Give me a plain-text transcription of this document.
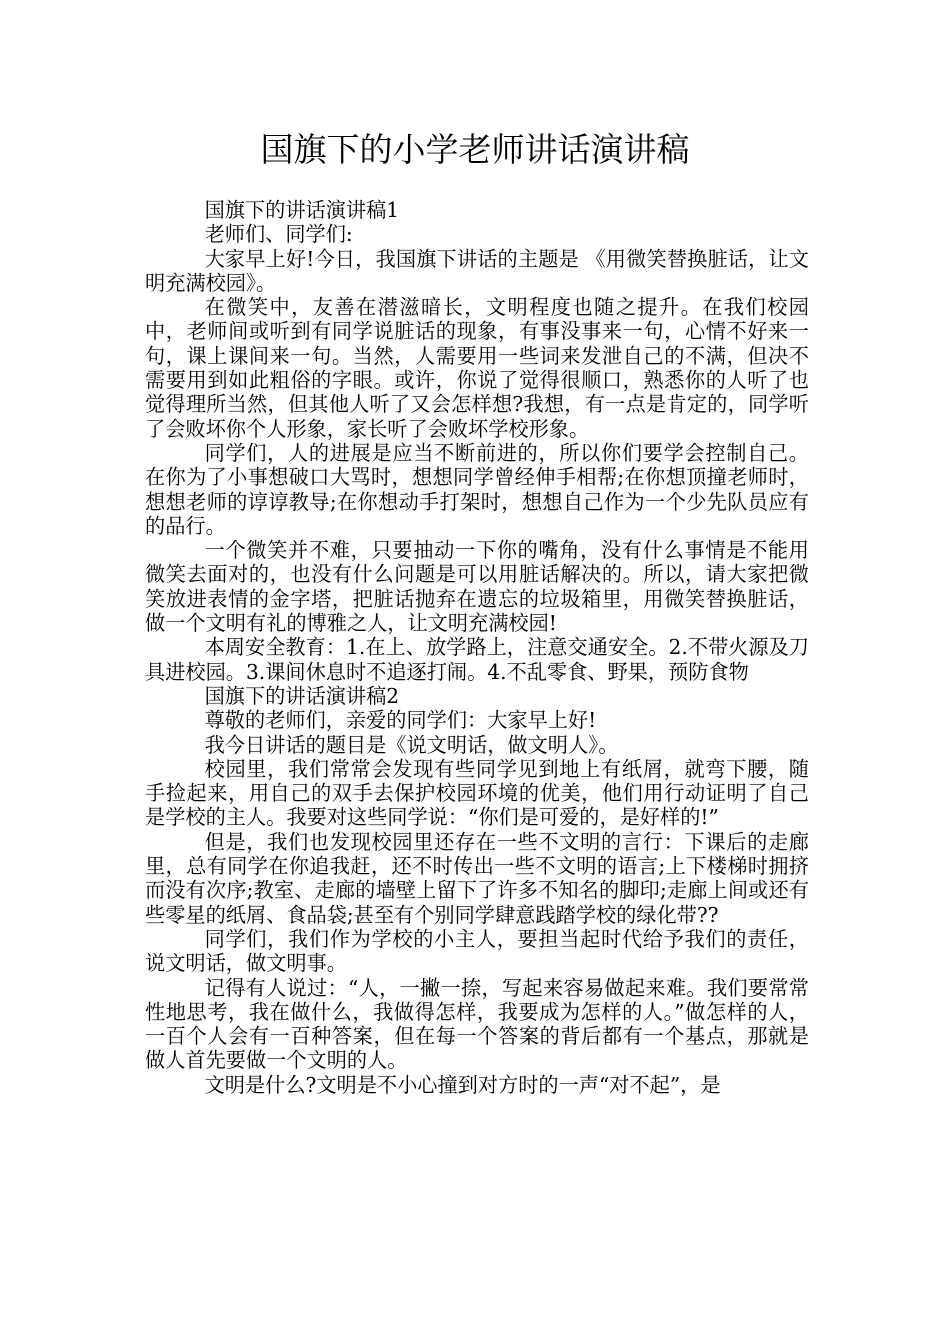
国旗下的小学老师讲话演讲稿

国旗下的讲话演讲稿1

老师们、同学们:

大家早上好!今日，我国旗下讲话的主题是 《用微笑替换脏话，让文明充满校园》。

在微笑中，友善在潜滋暗长，文明程度也随之提升。在我们校园中，老师间或听到有同学说脏话的现象，有事没事来一句，心情不好来一句，课上课间来一句。当然，人需要用一些词来发泄自己的不满，但决不需要用到如此粗俗的字眼。或许，你说了觉得很顺口，熟悉你的人听了也觉得理所当然，但其他人听了又会怎样想?我想，有一点是肯定的，同学听了会败坏你个人形象，家长听了会败坏学校形象。

同学们，人的进展是应当不断前进的，所以你们要学会控制自己。在你为了小事想破口大骂时，想想同学曾经伸手相帮;在你想顶撞老师时，想想老师的谆谆教导;在你想动手打架时，想想自己作为一个少先队员应有的品行。

一个微笑并不难，只要抽动一下你的嘴角，没有什么事情是不能用微笑去面对的，也没有什么问题是可以用脏话解决的。所以，请大家把微笑放进表情的金字塔，把脏话抛弃在遗忘的垃圾箱里，用微笑替换脏话，做一个文明有礼的博雅之人，让文明充满校园!

本周安全教育：1.在上、放学路上，注意交通安全。2.不带火源及刀具进校园。3.课间休息时不追逐打闹。4.不乱零食、野果，预防食物

国旗下的讲话演讲稿2

尊敬的老师们，亲爱的同学们：大家早上好!

我今日讲话的题目是《说文明话，做文明人》。

校园里，我们常常会发现有些同学见到地上有纸屑，就弯下腰，随手捡起来，用自己的双手去保护校园环境的优美，他们用行动证明了自己是学校的主人。我要对这些同学说：“你们是可爱的，是好样的!”

但是，我们也发现校园里还存在一些不文明的言行：下课后的走廊里，总有同学在你追我赶，还不时传出一些不文明的语言;上下楼梯时拥挤而没有次序;教室、走廊的墙壁上留下了许多不知名的脚印;走廊上间或还有些零星的纸屑、食品袋;甚至有个别同学肆意践踏学校的绿化带??

同学们，我们作为学校的小主人，要担当起时代给予我们的责任，说文明话，做文明事。

记得有人说过：“人，一撇一捺，写起来容易做起来难。我们要常常性地思考，我在做什么，我做得怎样，我要成为怎样的人。”做怎样的人，一百个人会有一百种答案，但在每一个答案的背后都有一个基点，那就是做人首先要做一个文明的人。

文明是什么?文明是不小心撞到对方时的一声“对不起”，是
